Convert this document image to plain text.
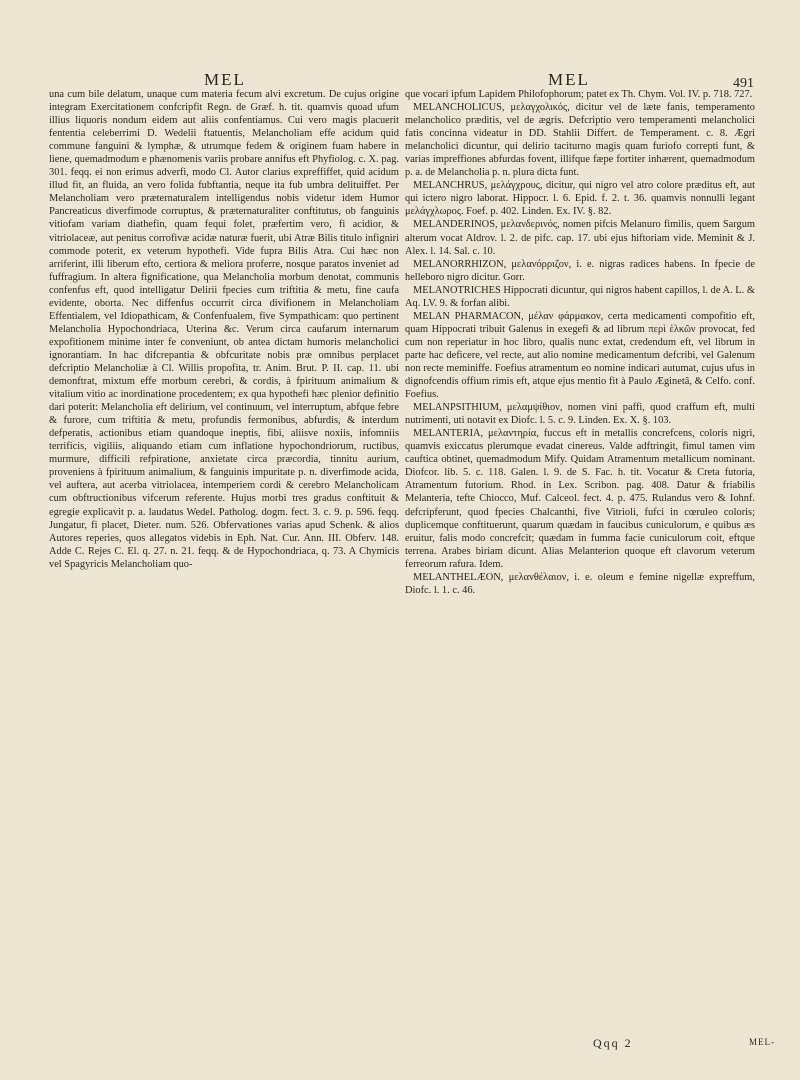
MEL	MEL	491

una cum bile delatum, unaque cum materia fecum alvi excretum. De cujus origine integram Exercitationem confcripfit Regn. de Græf. h. tit. quamvis quoad ufum illius liquoris nondum eidem aut aliis confentiamus. Cui vero magis placuerit fententia celeberrimi D. Wedelii ftatuentis, Melancholiam effe acidum quid commune fanguini & lymphæ, & utrumque fedem & originem fuam habere in liene, quemadmodum e phænomenis variis probare annifus eft Phyfiolog. c. X. pag. 301. feqq. ei non erimus adverfi, modo Cl. Autor clarius expreffiffet, quid acidum illud fit, an fluida, an vero folida fubftantia, neque ita fub umbra delituiffet. Per Melancholiam vero præternaturalem intelligendus nobis videtur idem Humor Pancreaticus diverfimode corruptus, & præternaturaliter conftitutus, ob fanguinis vitiofam variam diathefin, quam fequi folet, præfertim vero, fi acidior, & vitriolaceæ, aut penitus corrofivæ acidæ naturæ fuerit, ubi Atræ Bilis titulo infigniri commode poterit, ex veterum hypothefi. Vide fupra Bilis Atra. Cui hæc non arriferint, illi liberum efto, certiora & meliora proferre, nosque paratos inveniet ad fuffragium. In altera fignificatione, qua Melancholia morbum denotat, communis confenfus eft, quod intelligatur Delirii fpecies cum triftitia & metu, fine caufa evidente, oborta. Nec diffenfus occurrit circa divifionem in Melancholiam Effentialem, vel Idiopathicam, & Confenfualem, five Sympathicam: quo pertinent Melancholia Hypochondriaca, Uterina &c. Verum circa caufarum internarum expofitionem minime inter fe conveniunt, ob antea dictam humoris melancholici ignorantiam. In hac difcrepantia & obfcuritate nobis præ omnibus perplacet defcriptio Melancholiæ à Cl. Willis propofita, tr. Anim. Brut. P. II. cap. 11. ubi demonftrat, mixtum effe morbum cerebri, & cordis, à fpirituum animalium & vitalium vitio ac inordinatione procedentem; ex qua hypothefi hæc plenior definitio dari poterit: Melancholia eft delirium, vel continuum, vel interruptum, abfque febre & furore, cum triftitia & metu, profundis fermonibus, abfurdis, & interdum defperatis, actionibus etiam quandoque ineptis, fibi, aliisve noxiis, infomniis terrificis, vigiliis, aliquando etiam cum inflatione hypochondriorum, ructibus, murmure, difficili refpiratione, anxietate circa præcordia, tinnitu aurium, proveniens à fpirituum animalium, & fanguinis impuritate p. n. diverfimode acida, vel auftera, aut acerba vitriolacea, intemperiem cordi & cerebro Melancholicam cum obftructionibus vifcerum referente. Hujus morbi tres gradus conftituit & egregie explicavit p. a. laudatus Wedel. Patholog. dogm. fect. 3. c. 9. p. 596. feqq. Jungatur, fi placet, Dieter. num. 526. Obfervationes varias apud Schenk. & alios Autores reperies, quos allegatos videbis in Eph. Nat. Cur. Ann. III. Obferv. 148. Adde C. Rejes C. El. q. 27. n. 21. feqq. & de Hypochondriaca, q. 73. A Chymicis vel Spagyricis Melancholiam quo-

que vocari ipfum Lapidem Philofophorum; patet ex Th. Chym. Vol. IV. p. 718. 727.

MELANCHOLICUS, μελαγχολικός, dicitur vel de læte fanis, temperamento melancholico præditis, vel de ægris. Defcriptio vero temperamenti melancholici fatis concinna videatur in DD. Stahlii Differt. de Temperament. c. 8. Ægri melancholici dicuntur, qui delirio taciturno magis quam furiofo correpti funt, & varias impreffiones abfurdas fovent, illifque fæpe fortiter inhærent, quemadmodum p. a. de Melancholia p. n. plura dicta funt.

MELANCHRUS, μελάγχρους, dicitur, qui nigro vel atro colore præditus eft, aut qui ictero nigro laborat. Hippocr. l. 6. Epid. f. 2. t. 36. quamvis nonnulli legant μελάγχλωρος. Foef. p. 402. Linden. Ex. IV. §. 82.

MELANDERINOS, μελανδερινός, nomen pifcis Melanuro fimilis, quem Sargum alterum vocat Aldrov. l. 2. de pifc. cap. 17. ubi ejus hiftoriam vide. Meminit & J. Alex. l. 14. Sal. c. 10.

MELANORRHIZON, μελανόρριζον, i. e. nigras radices habens. In fpecie de helleboro nigro dicitur. Gorr.

MELANOTRICHES Hippocrati dicuntur, qui nigros habent capillos, l. de A. L. & Aq. LV. 9. & forfan alibi.

MELAN PHARMACON, μέλαν φάρμακον, certa medicamenti compofitio eft, quam Hippocrati tribuit Galenus in exegefi & ad librum περὶ ἑλκῶν provocat, fed cum non reperiatur in hoc libro, qualis nunc extat, credendum eft, vel librum in parte hac deficere, vel recte, aut alio nomine medicamentum defcribi, vel Galenum non recte meminiffe. Foefius atramentum eo nomine indicari autumat, cujus ufus in dignofcendis offium rimis eft, atque ejus mentio fit à Paulo Æginetâ, & Celfo. conf. Foefius.

MELANPSITHIUM, μελαμψίθιον, nomen vini paffi, quod craffum eft, multi nutrimenti, uti notavit ex Diofc. l. 5. c. 9. Linden. Ex. X. §. 103.

MELANTERIA, μελαντηρία, fuccus eft in metallis concrefcens, coloris nigri, quamvis exiccatus plerumque evadat cinereus. Valde adftringit, fimul tamen vim cauftica obtinet, quemadmodum Mify. Quidam Atramentum metallicum nominant. Diofcor. lib. 5. c. 118. Galen. l. 9. de S. Fac. h. tit. Vocatur & Creta futoria, Atramentum futorium. Rhod. in Lex. Scribon. pag. 408. Datur & friabilis Melanteria, tefte Chiocco, Muf. Calceol. fect. 4. p. 475. Rulandus vero & Iohnf. defcripferunt, quod fpecies Chalcanthi, five Vitrioli, fufci in cœruleo coloris; duplicemque conftituerunt, quarum quædam in faucibus cuniculorum, e quibus æs eruitur, falis modo concrefcit; quædam in fumma facie cuniculorum coit, eftque terrena. Arabes biriam dicunt. Alias Melanterion quoque eft clavorum veterum ferreorum rafura. Idem.

MELANTHELÆON, μελανθέλαιον, i. e. oleum e femine nigellæ expreffum, Diofc. l. 1. c. 46.

Qqq 2	MEL-
